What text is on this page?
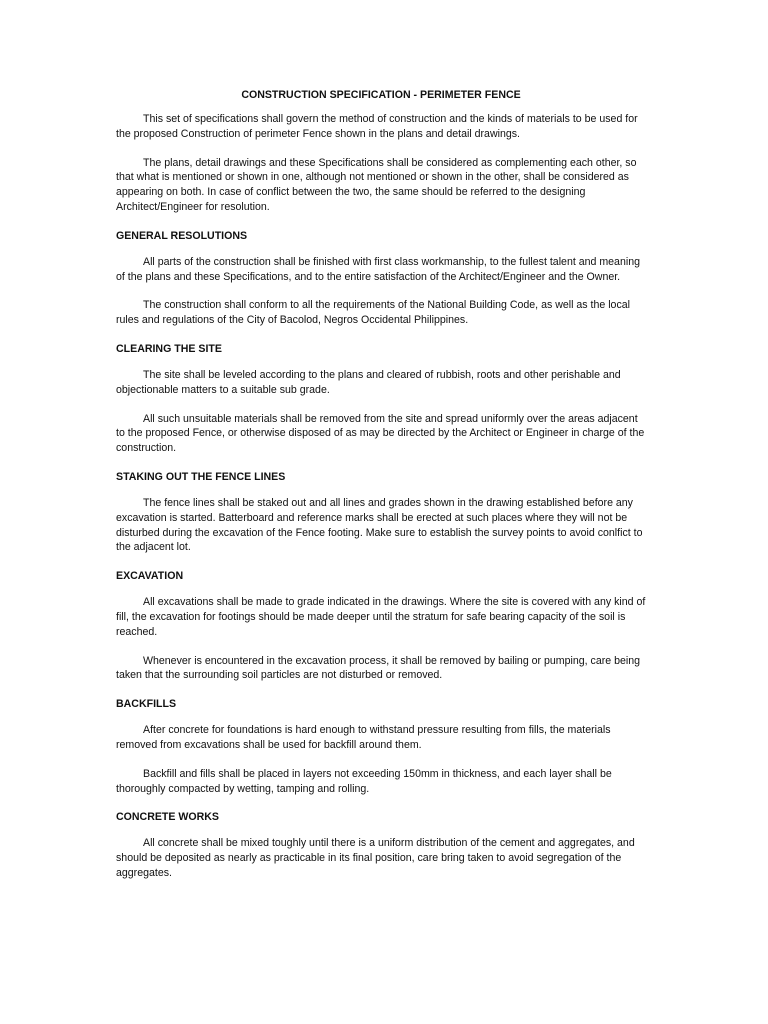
CONSTRUCTION SPECIFICATION - PERIMETER FENCE

This set of specifications shall govern the method of construction and the kinds of materials to be used for the proposed Construction of perimeter Fence shown in the plans and detail drawings.

The plans, detail drawings and these Specifications shall be considered as complementing each other, so that what is mentioned or shown in one, although not mentioned or shown in the other, shall be considered as appearing on both. In case of conflict between the two, the same should be referred to the designing Architect/Engineer for resolution.

GENERAL RESOLUTIONS

All parts of the construction shall be finished with first class workmanship, to the fullest talent and meaning of the plans and these Specifications, and to the entire satisfaction of the Architect/Engineer and the Owner.

The construction shall conform to all the requirements of the National Building Code, as well as the local rules and regulations of the City of Bacolod, Negros Occidental Philippines.

CLEARING THE SITE

The site shall be leveled according to the plans and cleared of rubbish, roots and other perishable and objectionable matters to a suitable sub grade.

All such unsuitable materials shall be removed from the site and spread uniformly over the areas adjacent to the proposed Fence, or otherwise disposed of as may be directed by the Architect or Engineer in charge of the construction.

STAKING OUT THE FENCE LINES

The fence lines shall be staked out and all lines and grades shown in the drawing established before any excavation is started. Batterboard and reference marks shall be erected at such places where they will not be disturbed during the excavation of the Fence footing. Make sure to establish the survey points to avoid conlfict to the adjacent lot.

EXCAVATION

All excavations shall be made to grade indicated in the drawings. Where the site is covered with any kind of fill, the excavation for footings should be made deeper until the stratum for safe bearing capacity of the soil is reached.

Whenever is encountered in the excavation process, it shall be removed by bailing or pumping, care being taken that the surrounding soil particles are not disturbed or removed.

BACKFILLS

After concrete for foundations is hard enough to withstand pressure resulting from fills, the materials removed from excavations shall be used for backfill around them.

Backfill and fills shall be placed in layers not exceeding 150mm in thickness, and each layer shall be thoroughly compacted by wetting, tamping and rolling.

CONCRETE WORKS

All concrete shall be mixed toughly until there is a uniform distribution of the cement and aggregates, and should be deposited as nearly as practicable in its final position, care bring taken to avoid segregation of the aggregates.
